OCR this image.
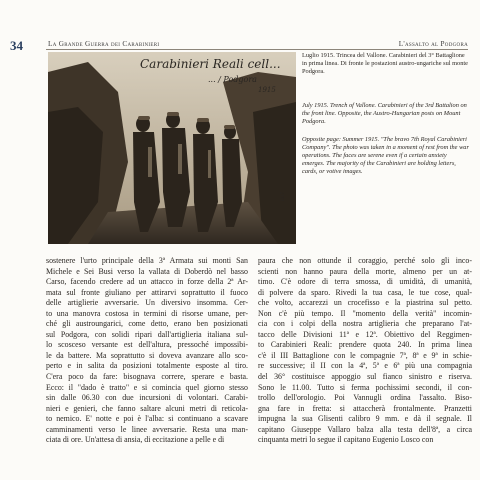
34	La Grande Guerra dei Carabinieri	L'assalto al Podgora
Carabinieri Reali cell...
... / Podgora
1915
1917
Luglio 1915. Trincea del Vallone. Carabinieri del 3° Battaglione in prima linea. Di fronte le postazioni austro-ungariche sul monte Podgora.
July 1915. Trench of Vallone. Carabinieri of the 3rd Battalion on the front line. Opposite, the Austro-Hungarian posts on Mount Podgora.
Opposite page: Summer 1915. "The bravo 7th Royal Carabinieri Company". The photo was taken in a moment of rest from the war operations. The faces are serene even if a certain anxiety emerges. The majority of the Carabinieri are holding letters, cards, or votive images.
sostenere l'urto principale della 3ª Armata sui monti San
Michele e Sei Busi verso la vallata di Doberdò nel basso
Carso, facendo credere ad un attacco in forze della 2ª Ar-
mata sul fronte giuliano per attirarvi soprattutto il fuoco
delle artiglierie avversarie. Un diversivo insomma. Cer-
to una manovra costosa in termini di risorse umane, per-
ché gli austroungarici, come detto, erano ben posizionati
sul Podgora, con solidi ripari dall'artiglieria italiana sul-
lo scosceso versante est dell'altura, pressoché impossibi-
le da battere. Ma soprattutto si doveva avanzare allo sco-
perto e in salita da posizioni totalmente esposte al tiro.
C'era poco da fare: bisognava correre, sperare e basta.
Ecco: il "dado è tratto" e si comincia quel giorno stesso
sin dalle 06.30 con due incursioni di volontari. Carabi-
nieri e genieri, che fanno saltare alcuni metri di reticola-
to nemico. E' notte e poi è l'alba: si continuano a scavare
camminamenti verso le linee avversarie. Resta una man-
ciata di ore. Un'attesa di ansia, di eccitazione a pelle e di
paura che non ottunde il coraggio, perché solo gli inco-
scienti non hanno paura della morte, almeno per un at-
timo. C'è odore di terra smossa, di umidità, di umanità,
di polvere da sparo. Rivedi la tua casa, le tue cose, qual-
che volto, accarezzi un crocefisso e la piastrina sul petto.
Non c'è più tempo. Il "momento della verità" incomin-
cia con i colpi della nostra artiglieria che preparano l'at-
tacco delle Divisioni 11ª e 12ª. Obiettivo del Reggimen-
to Carabinieri Reali: prendere quota 240. In prima linea
c'è il III Battaglione con le compagnie 7ª, 8ª e 9ª in schie-
re successive; il II con la 4ª, 5ª e 6ª più una compagnia
del 36° costituisce appoggio sul fianco sinistro e riserva.
Sono le 11.00. Tutto si ferma pochissimi secondi, il con-
trollo dell'orologio. Poi Vannugli ordina l'assalto. Biso-
gna fare in fretta: si attaccherà frontalmente. Pranzetti
impugna la sua Glisenti calibro 9 mm. e dà il segnale. Il
capitano Giuseppe Vallaro balza alla testa dell'8ª, a circa
cinquanta metri lo segue il capitano Eugenio Losco con
